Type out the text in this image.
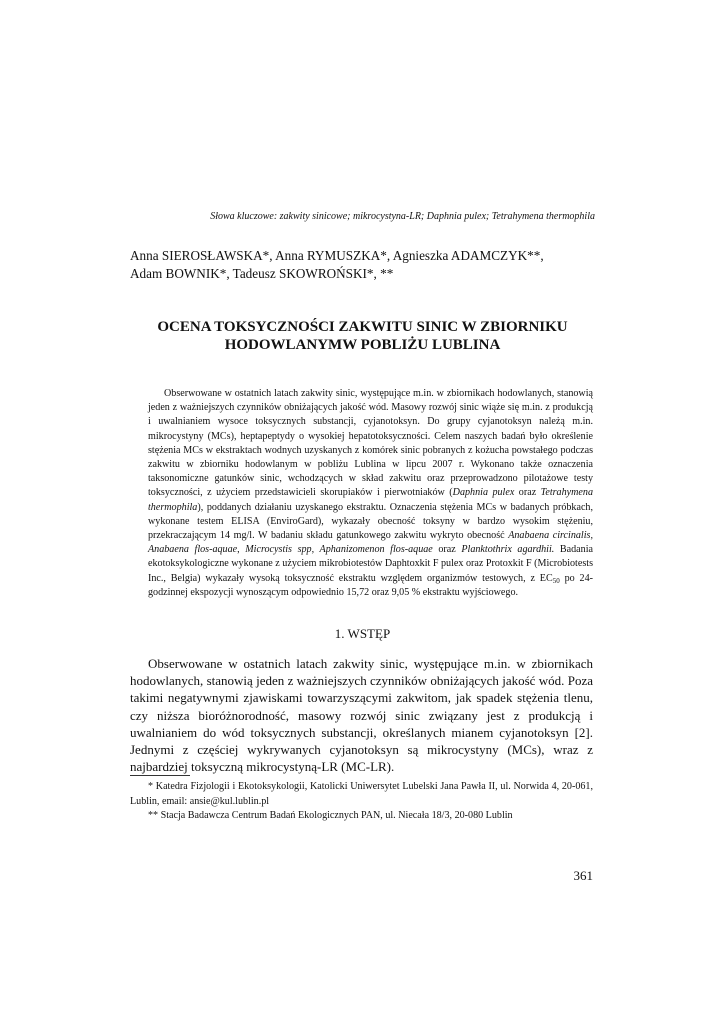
Słowa kluczowe: zakwity sinicowe; mikrocystyna-LR; Daphnia pulex; Tetrahymena thermophila
Anna SIEROSŁAWSKA*, Anna RYMUSZKA*, Agnieszka ADAMCZYK**,
Adam BOWNIK*, Tadeusz SKOWROŃSKI*, **
OCENA TOKSYCZNOŚCI ZAKWITU SINIC W ZBIORNIKU
HODOWLANYMW POBLIŻU LUBLINA

Obserwowane w ostatnich latach zakwity sinic, występujące m.in. w zbiornikach hodowlanych, stanowią jeden z ważniejszych czynników obniżających jakość wód. Masowy rozwój sinic wiąże się m.in. z produkcją i uwalnianiem wysoce toksycznych substancji, cyjanotoksyn. Do grupy cyjanotoksyn należą m.in. mikrocystyny (MCs), heptapeptydy o wysokiej hepatotoksyczności. Celem naszych badań było określenie stężenia MCs w ekstraktach wodnych uzyskanych z komórek sinic pobranych z kożucha powstałego podczas zakwitu w zbiorniku hodowlanym w pobliżu Lublina w lipcu 2007 r. Wykonano także oznaczenia taksonomiczne gatunków sinic, wchodzących w skład zakwitu oraz przeprowadzono pilotażowe testy toksyczności, z użyciem przedstawicieli skorupiaków i pierwotniaków (Daphnia pulex oraz Tetrahymena thermophila), poddanych działaniu uzyskanego ekstraktu. Oznaczenia stężenia MCs w badanych próbkach, wykonane testem ELISA (EnviroGard), wykazały obecność toksyny w bardzo wysokim stężeniu, przekraczającym 14 mg/l. W badaniu składu gatunkowego zakwitu wykryto obecność Anabaena circinalis, Anabaena flos-aquae, Microcystis spp, Aphanizomenon flos-aquae oraz Planktothrix agardhii. Badania ekotoksykologiczne wykonane z użyciem mikrobiotestów Daphtoxkit F pulex oraz Protoxkit F (Microbiotests Inc., Belgia) wykazały wysoką toksyczność ekstraktu względem organizmów testowych, z $EC_{50}$ po 24-godzinnej ekspozycji wynoszącym odpowiednio 15,72 oraz 9,05 % ekstraktu wyjściowego.

1. WSTĘP

Obserwowane w ostatnich latach zakwity sinic, występujące m.in. w zbiornikach hodowlanych, stanowią jeden z ważniejszych czynników obniżających jakość wód. Poza takimi negatywnymi zjawiskami towarzyszącymi zakwitom, jak spadek stężenia tlenu, czy niższa bioróżnorodność, masowy rozwój sinic związany jest z produkcją i uwalnianiem do wód toksycznych substancji, określanych mianem cyjanotoksyn [2]. Jednymi z częściej wykrywanych cyjanotoksyn są mikrocystyny (MCs), wraz z najbardziej toksyczną mikrocystyną-LR (MC-LR).

* Katedra Fizjologii i Ekotoksykologii, Katolicki Uniwersytet Lubelski Jana Pawła II, ul. Norwida 4, 20-061, Lublin, email: ansie@kul.lublin.pl

** Stacja Badawcza Centrum Badań Ekologicznych PAN, ul. Niecała 18/3, 20-080 Lublin

361
